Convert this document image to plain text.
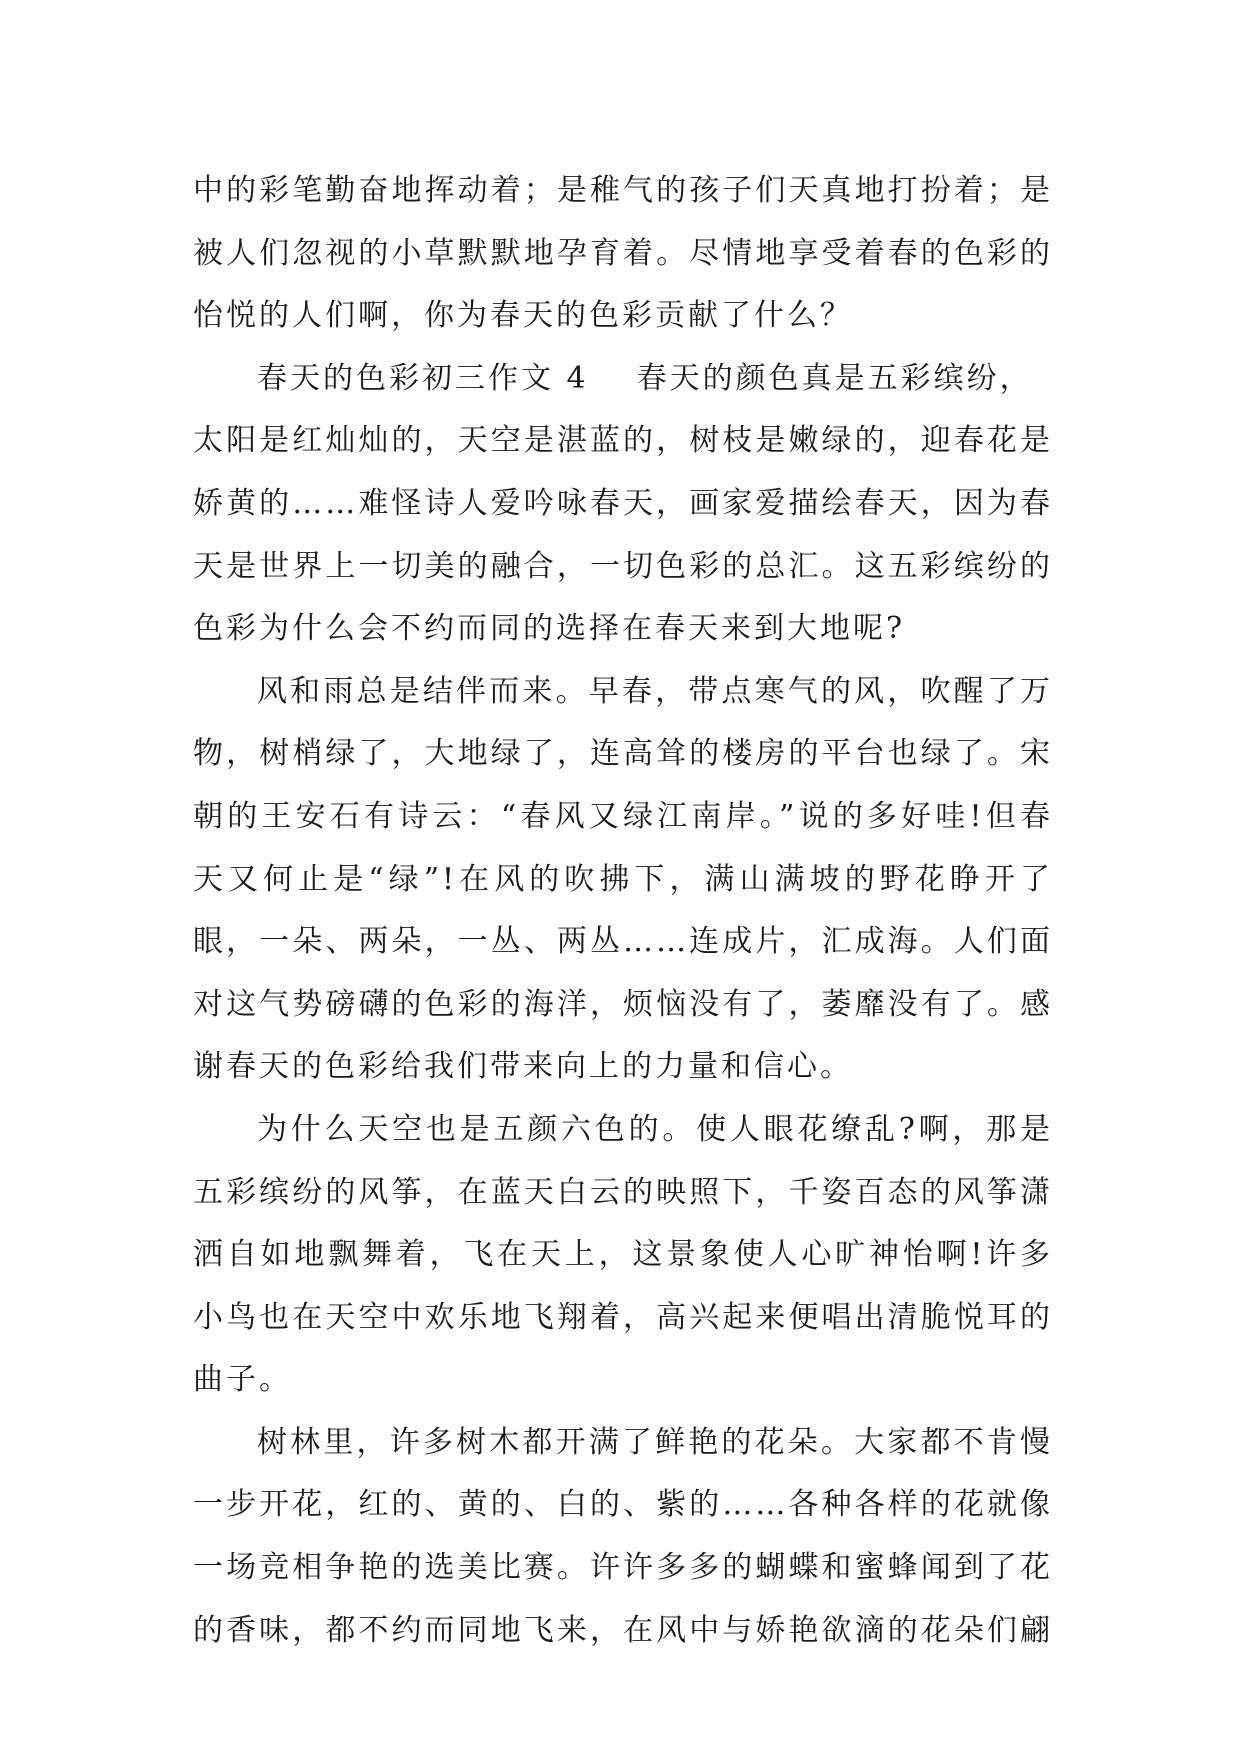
中的彩笔勤奋地挥动着；是稚气的孩子们天真地打扮着；是
被人们忽视的小草默默地孕育着。尽情地享受着春的色彩的
怡悦的人们啊，你为春天的色彩贡献了什么？
春天的色彩初三作文 4 春天的颜色真是五彩缤纷，
太阳是红灿灿的，天空是湛蓝的，树枝是嫩绿的，迎春花是
娇黄的……难怪诗人爱吟咏春天，画家爱描绘春天，因为春
天是世界上一切美的融合，一切色彩的总汇。这五彩缤纷的
色彩为什么会不约而同的选择在春天来到大地呢?
风和雨总是结伴而来。早春，带点寒气的风，吹醒了万
物，树梢绿了，大地绿了，连高耸的楼房的平台也绿了。宋
朝的王安石有诗云：“春风又绿江南岸。”说的多好哇!但春
天又何止是“绿”!在风的吹拂下，满山满坡的野花睁开了
眼，一朵、两朵，一丛、两丛……连成片，汇成海。人们面
对这气势磅礴的色彩的海洋，烦恼没有了，萎靡没有了。感
谢春天的色彩给我们带来向上的力量和信心。
为什么天空也是五颜六色的。使人眼花缭乱?啊，那是
五彩缤纷的风筝，在蓝天白云的映照下，千姿百态的风筝潇
洒自如地飘舞着，飞在天上，这景象使人心旷神怡啊!许多
小鸟也在天空中欢乐地飞翔着，高兴起来便唱出清脆悦耳的
曲子。
树林里，许多树木都开满了鲜艳的花朵。大家都不肯慢
一步开花，红的、黄的、白的、紫的……各种各样的花就像
一场竞相争艳的选美比赛。许许多多的蝴蝶和蜜蜂闻到了花
的香味，都不约而同地飞来，在风中与娇艳欲滴的花朵们翩
